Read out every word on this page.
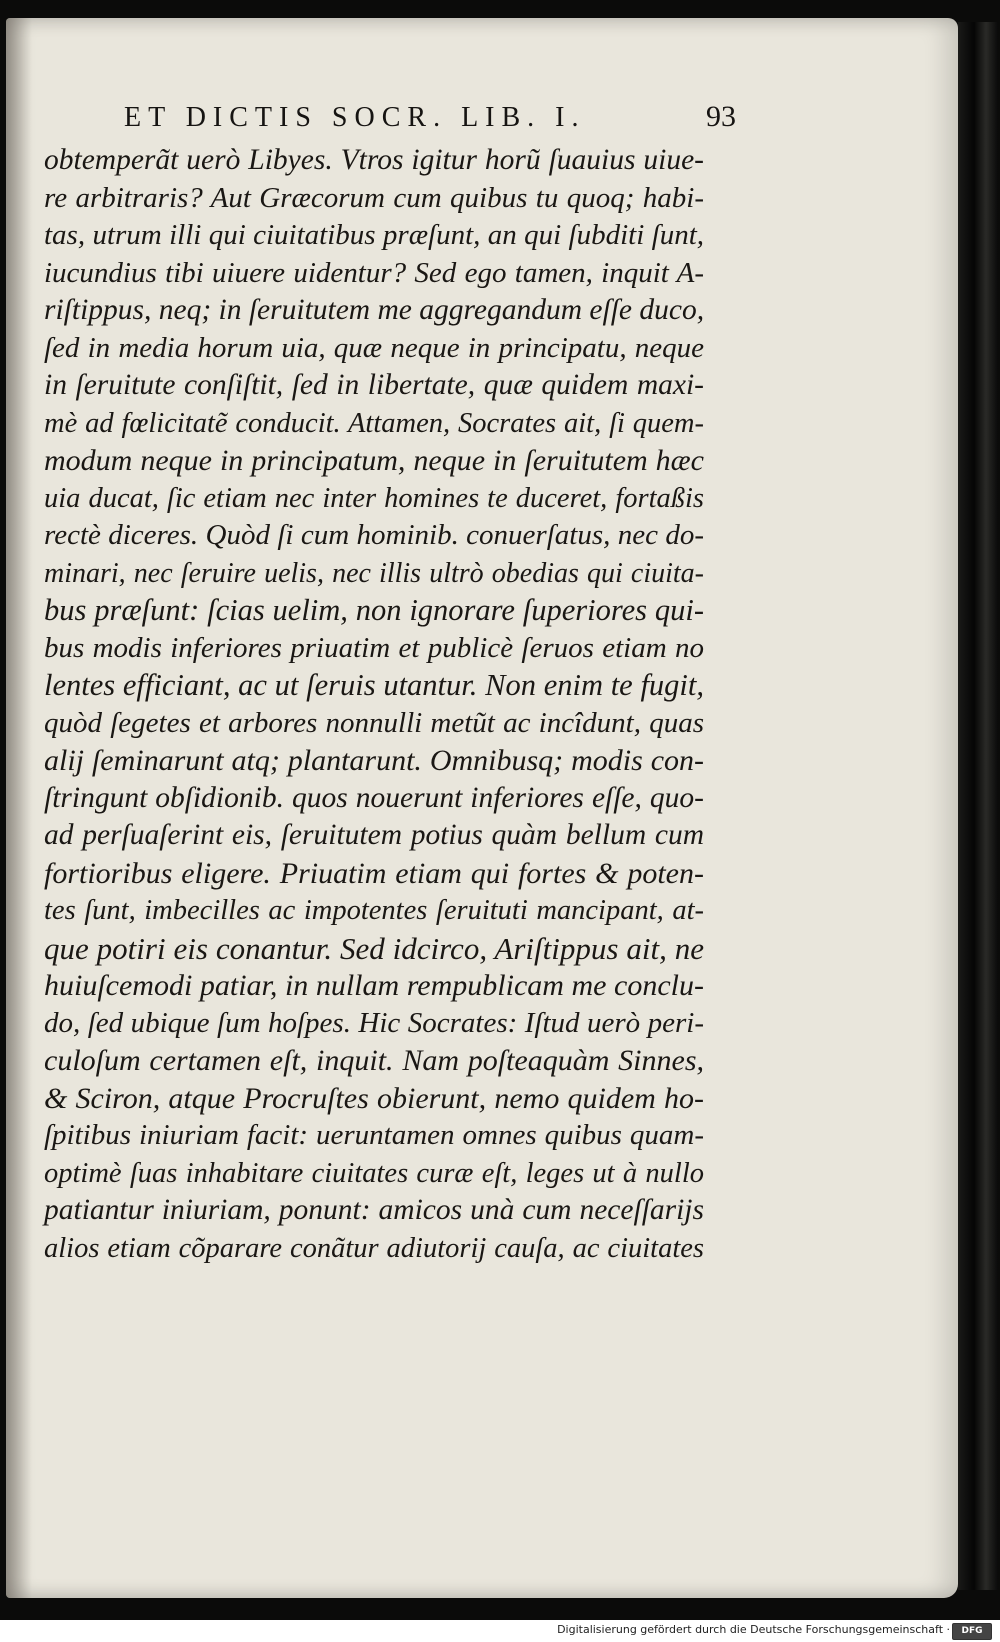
ET DICTIS SOCR. LIB. I.	93
obtemperãt uerò Libyes. Vtros igitur horũ ſuauius uiue-
re arbitraris? Aut Græcorum cum quibus tu quoq; habi-
tas, utrum illi qui ciuitatibus præſunt, an qui ſubditi ſunt,
iucundius tibi uiuere uidentur? Sed ego tamen, inquit A-
riſtippus, neq; in ſeruitutem me aggregandum eſſe duco,
ſed in media horum uia, quæ neque in principatu, neque
in ſeruitute conſiſtit, ſed in libertate, quæ quidem maxi-
mè ad fœlicitatẽ conducit. Attamen, Socrates ait, ſi quem-
modum neque in principatum, neque in ſeruitutem hæc
uia ducat, ſic etiam nec inter homines te duceret, fortaßis
rectè diceres. Quòd ſi cum hominib. conuerſatus, nec do-
minari, nec ſeruire uelis, nec illis ultrò obedias qui ciuita-
bus præſunt: ſcias uelim, non ignorare ſuperiores qui-
bus modis inferiores priuatim et publicè ſeruos etiam no
lentes efficiant, ac ut ſeruis utantur. Non enim te fugit,
quòd ſegetes et arbores nonnulli metũt ac incîdunt, quas
alij ſeminarunt atq; plantarunt. Omnibusq; modis con-
ſtringunt obſidionib. quos nouerunt inferiores eſſe, quo-
ad perſuaſerint eis, ſeruitutem potius quàm bellum cum
fortioribus eligere. Priuatim etiam qui fortes & poten-
tes ſunt, imbecilles ac impotentes ſeruituti mancipant, at-
que potiri eis conantur. Sed idcirco, Ariſtippus ait, ne
huiuſcemodi patiar, in nullam rempublicam me conclu-
do, ſed ubique ſum hoſpes. Hic Socrates: Iſtud uerò peri-
culoſum certamen eſt, inquit. Nam poſteaquàm Sinnes,
& Sciron, atque Procruſtes obierunt, nemo quidem ho-
ſpitibus iniuriam facit: ueruntamen omnes quibus quam-
optimè ſuas inhabitare ciuitates curæ eſt, leges ut à nullo
patiantur iniuriam, ponunt: amicos unà cum neceſſarijs
alios etiam cõparare conãtur adiutorij cauſa, ac ciuitates
Digitalisierung gefördert durch die Deutsche Forschungsgemeinschaft ·	DFG
